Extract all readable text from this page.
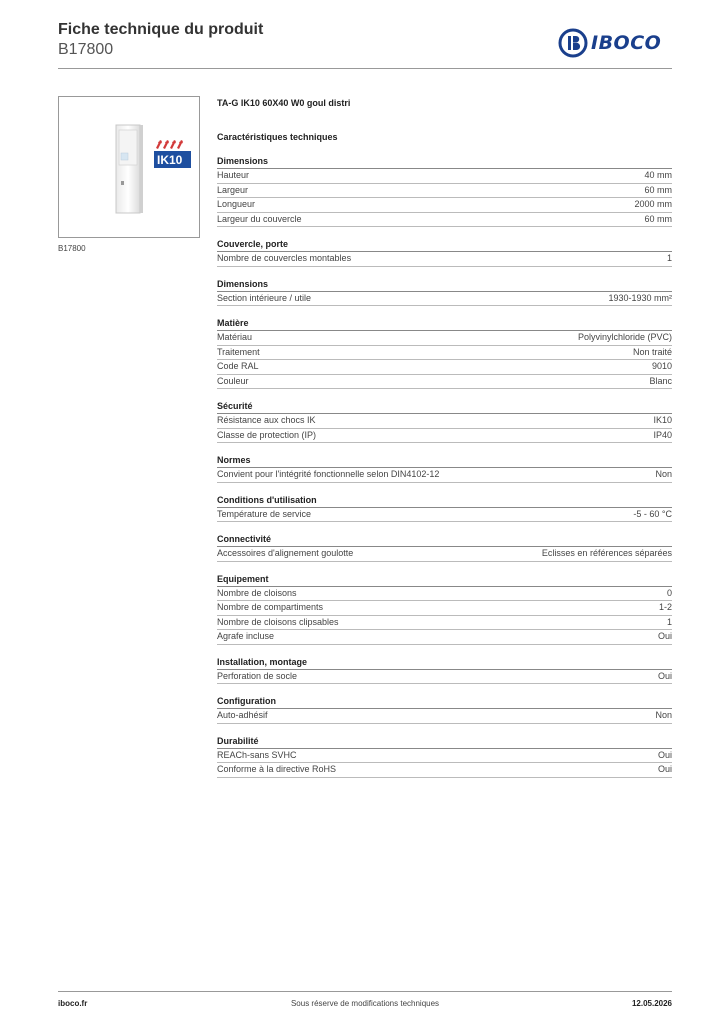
Fiche technique du produit
B17800	IBOCO
IK10
B17800
TA-G IK10 60X40 W0 goul distri
Caractéristiques techniques
Dimensions
Hauteur	40 mm
Largeur	60 mm
Longueur	2000 mm
Largeur du couvercle	60 mm
Couvercle, porte
Nombre de couvercles montables	1
Dimensions
Section intérieure / utile	1930-1930 mm²
Matière
Matériau	Polyvinylchloride (PVC)
Traitement	Non traité
Code RAL	9010
Couleur	Blanc
Sécurité
Résistance aux chocs IK	IK10
Classe de protection (IP)	IP40
Normes
Convient pour l'intégrité fonctionnelle selon DIN4102-12	Non
Conditions d'utilisation
Température de service	-5 - 60 °C
Connectivité
Accessoires d'alignement goulotte	Eclisses en références séparées
Equipement
Nombre de cloisons	0
Nombre de compartiments	1-2
Nombre de cloisons clipsables	1
Agrafe incluse	Oui
Installation, montage
Perforation de socle	Oui
Configuration
Auto-adhésif	Non
Durabilité
REACh-sans SVHC	Oui
Conforme à la directive RoHS	Oui
iboco.fr	Sous réserve de modifications techniques	12.05.2026
